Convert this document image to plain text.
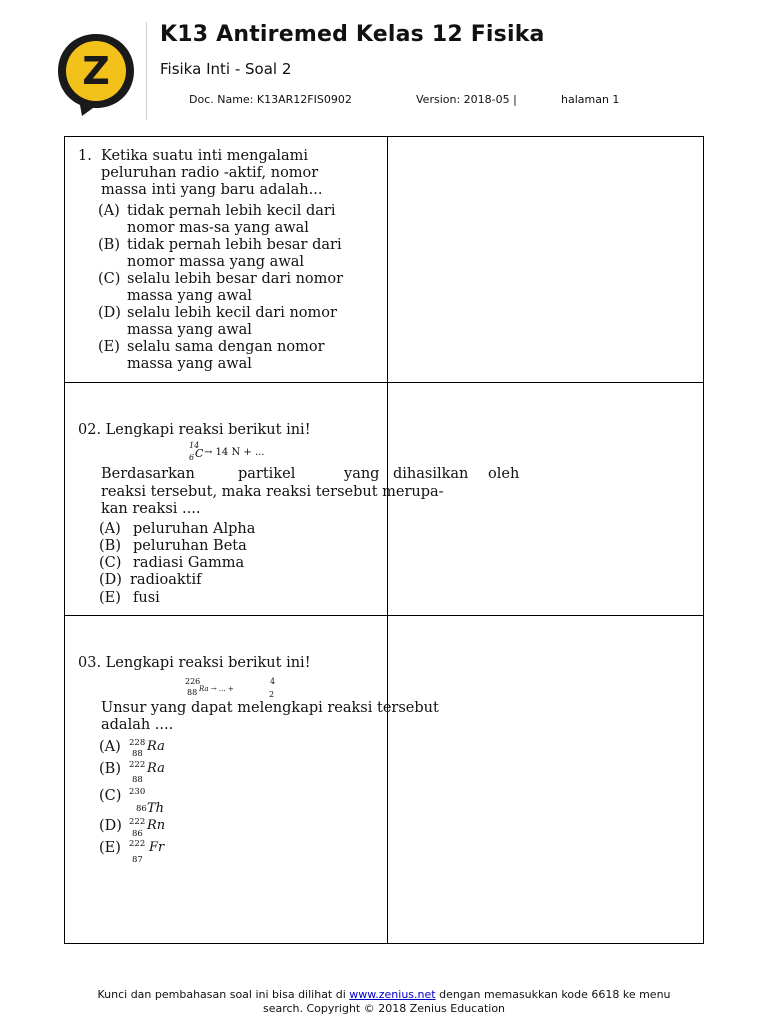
Z
K13 Antiremed Kelas 12 Fisika
Fisika Inti - Soal 2
Doc. Name: K13AR12FIS0902	Version: 2018-05 |	halaman 1
1. Ketika suatu inti mengalami
peluruhan radio -aktif, nomor
massa inti yang baru adalah...
(A) tidak pernah lebih kecil dari
nomor mas-sa yang awal
(B) tidak pernah lebih besar dari
nomor massa yang awal
(C) selalu lebih besar dari nomor
massa yang awal
(D) selalu lebih kecil dari nomor
massa yang awal
(E) selalu sama dengan nomor
massa yang awal
02. Lengkapi reaksi berikut ini!
14
6 C → 14 N + ...
Berdasarkan	partikel	yang dihasilkan oleh
reaksi tersebut, maka reaksi tersebut merupa-
kan reaksi ....
(A) peluruhan Alpha
(B) peluruhan Beta
(C) radiasi Gamma
(D) radioaktif
(E) fusi
03. Lengkapi reaksi berikut ini!
226
88 Ra → ... +
4
2
Unsur yang dapat melengkapi reaksi tersebut
adalah ....
(A) 228
88 Ra
(B) 222
88
Ra
(C) 230
86 Th
(D) 222
86
Rn
(E) 222
87
Fr
Kunci dan pembahasan soal ini bisa dilihat di www.zenius.net dengan memasukkan kode 6618 ke menu
search. Copyright © 2018 Zenius Education
